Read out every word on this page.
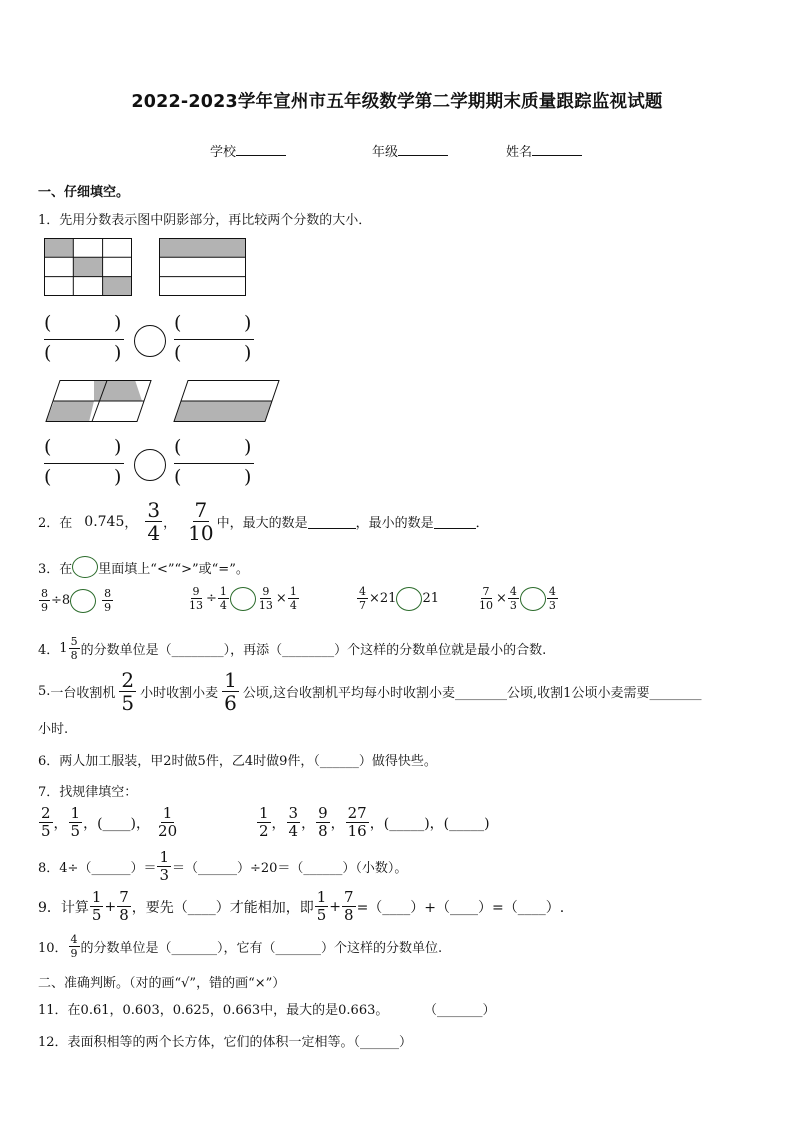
2022-2023学年宣州市五年级数学第二学期期末质量跟踪监视试题
学校	年级	姓名
一、仔细填空。
1．先用分数表示图中阴影部分，再比较两个分数的大小．
(	)
(	)
(	)
(	)
(	)
(	)
(	)
(	)
2． 在 0.745 ， $\frac{3}{4}$ ， $\frac{7}{10}$ 中，最大的数是	，最小的数是	．
3． 在 里面填上“<”“>”或“=”。
$\frac{8}{9} \div 8$	$\frac{8}{9}$	$\frac{9}{13} \div \frac{1}{4}$	$\frac{9}{13} \times \frac{1}{4}$	$\frac{4}{7} \times 21$ 21	$\frac{7}{10} \times \frac{4}{3}$	$\frac{4}{3}$
4． $1 \frac{5}{8}$ 的分数单位是（________），再添（________）个这样的分数单位就是最小的合数.
5. 一台收割机 $\frac{2}{5}$ 小时收割小麦 $\frac{1}{6}$ 公顷,这台收割机平均每小时收割小麦________公顷,收割1公顷小麦需要________
小时.
6．两人加工服装，甲2时做5件，乙4时做9件，（______）做得快些。
7．找规律填空：
$\frac{2}{5}$ ， $\frac{1}{5}$ ，(____)， $\frac{1}{20}$	$\frac{1}{2}$ ， $\frac{3}{4}$ ， $\frac{9}{8}$ ， $\frac{27}{16}$ ，(_____)，(_____)
8． 4÷（______）＝ $\frac{1}{3}$ ＝（______）÷20＝（______）（小数）。
9． 计算 $\frac{1}{5} + \frac{7}{8}$ ，要先（____）才能相加，即 $\frac{1}{5} + \frac{7}{8}$ =（____）+（____）=（____）.
10． $\frac{4}{9}$ 的分数单位是（_______），它有（_______）个这样的分数单位.
二、准确判断。（对的画“√”，错的画“×”）
11．在0.61，0.603，0.625，0.663中，最大的是0.663。	（_______）
12．表面积相等的两个长方体，它们的体积一定相等。（______）
